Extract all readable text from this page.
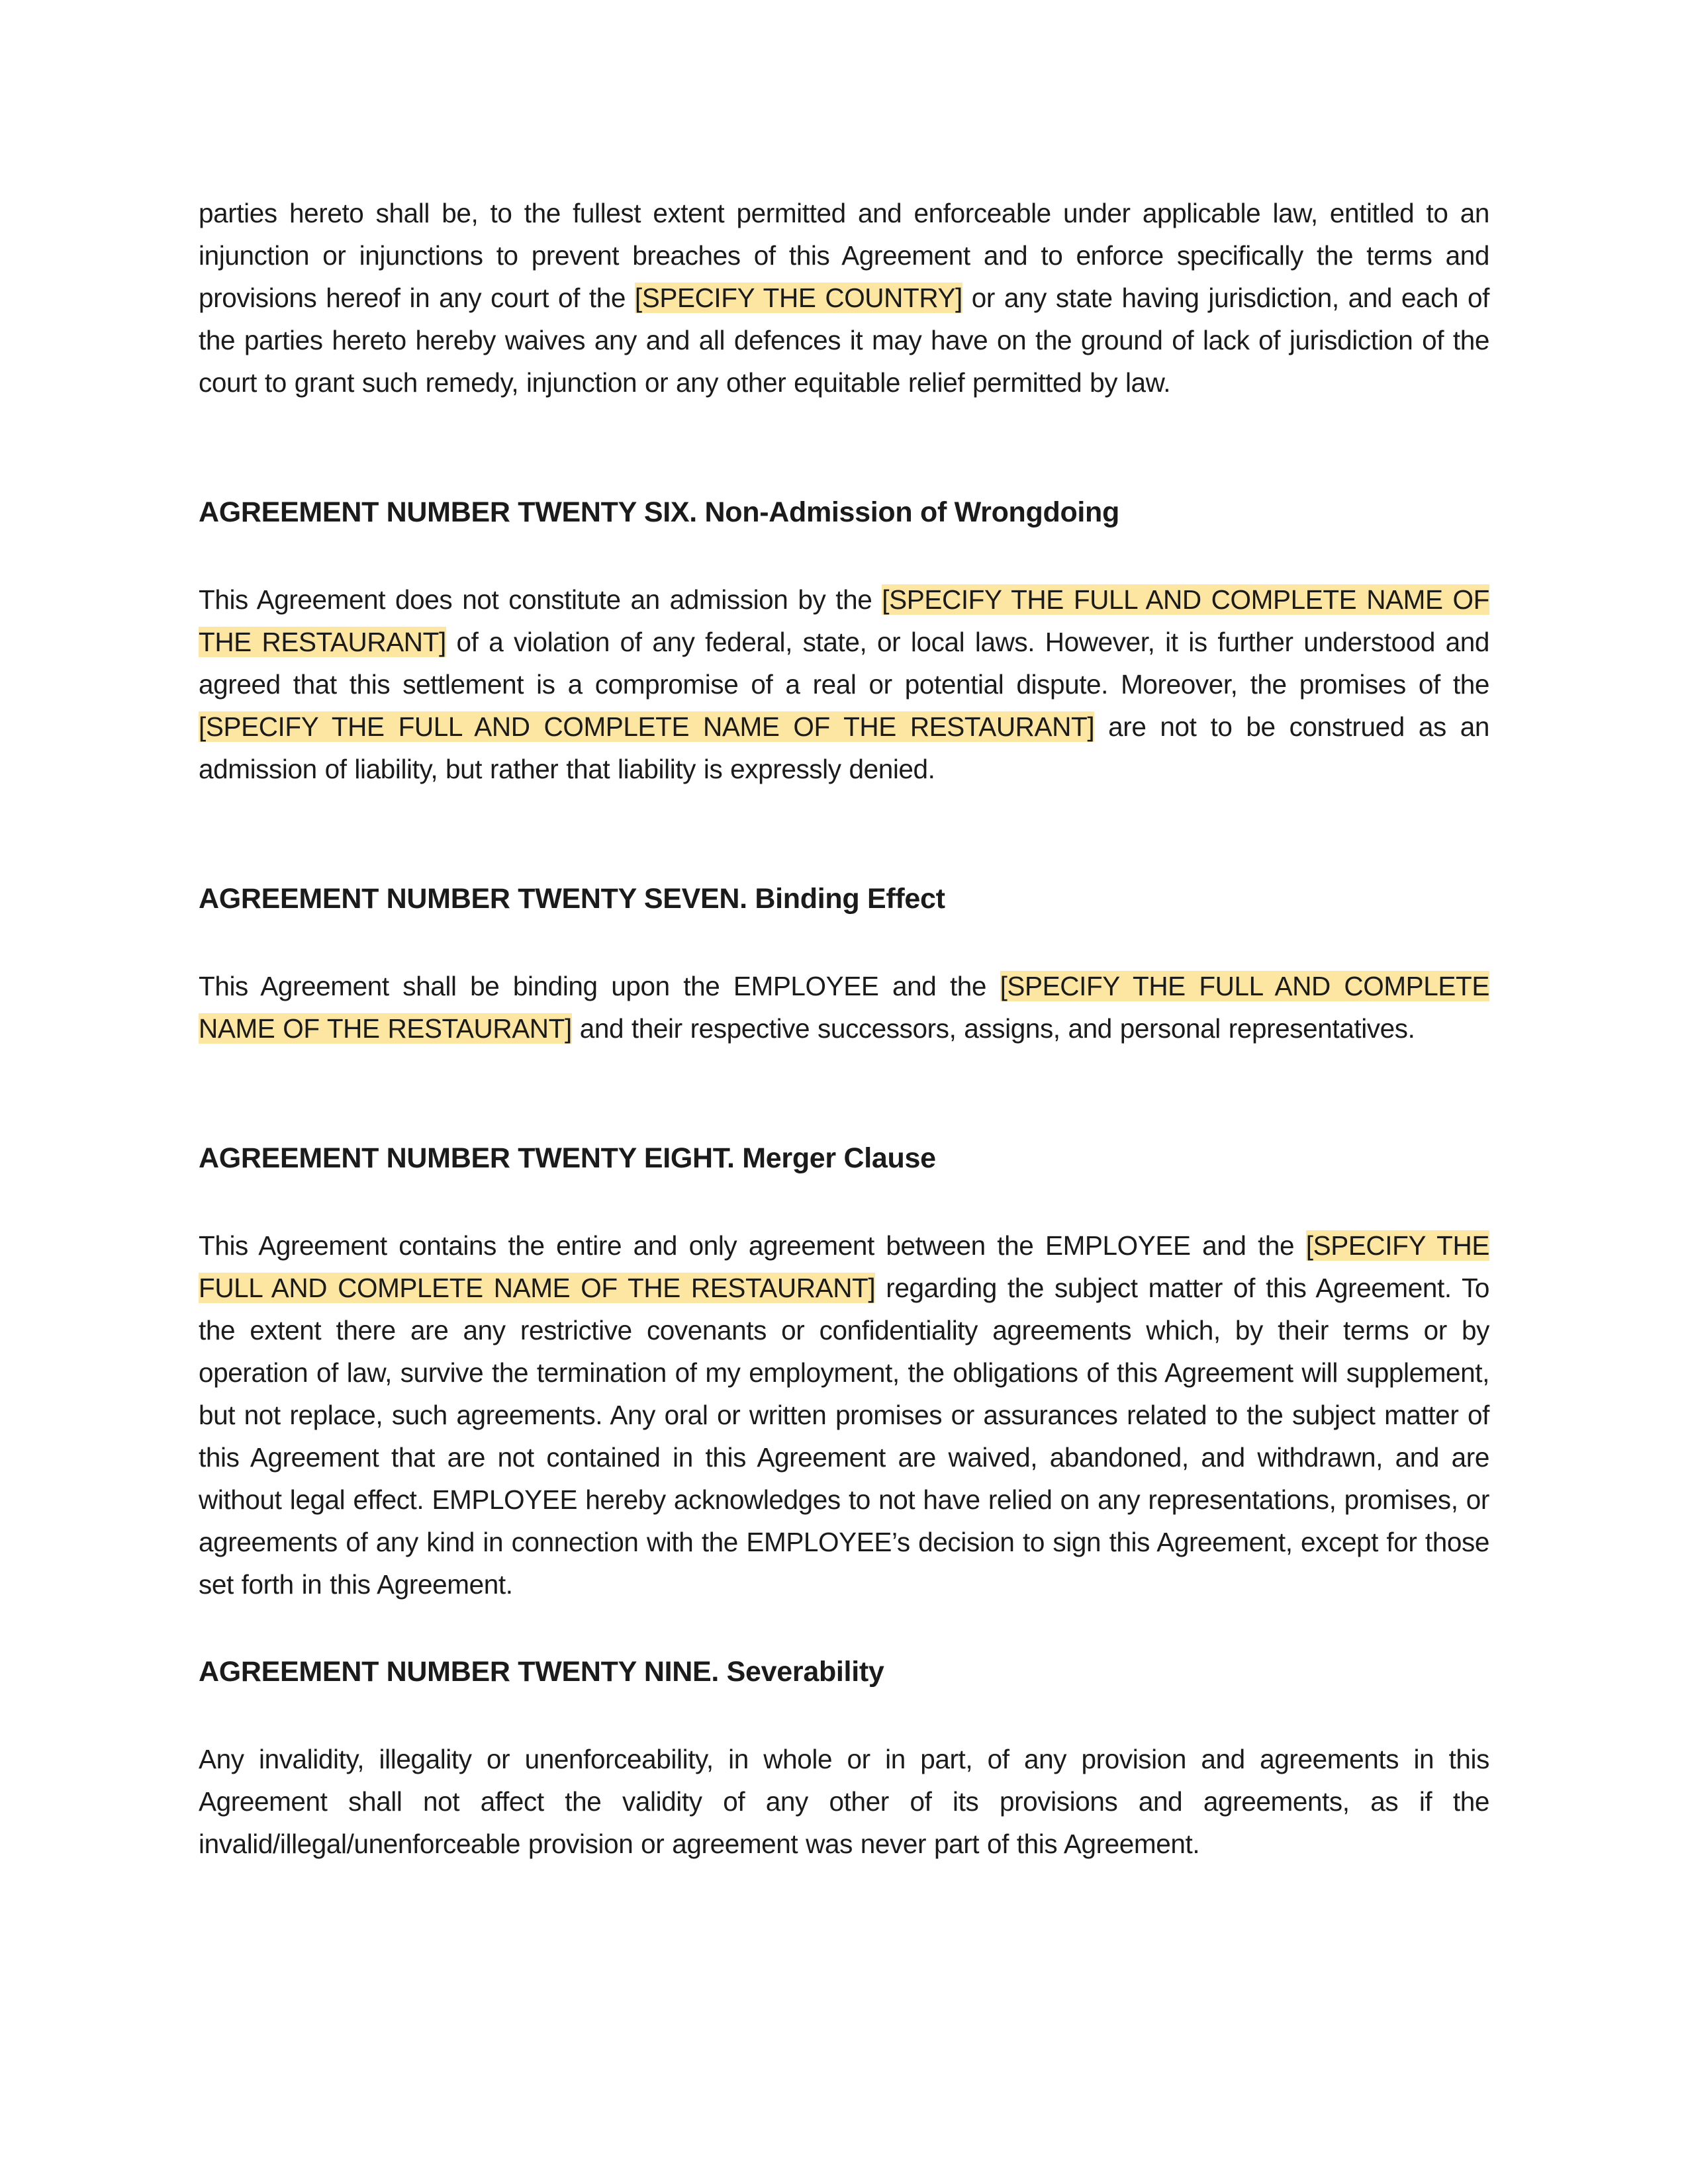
parties hereto shall be, to the fullest extent permitted and enforceable under applicable law, entitled to an injunction or injunctions to prevent breaches of this Agreement and to enforce specifically the terms and provisions hereof in any court of the [SPECIFY THE COUNTRY] or any state having jurisdiction, and each of the parties hereto hereby waives any and all defences it may have on the ground of lack of jurisdiction of the court to grant such remedy, injunction or any other equitable relief permitted by law.

AGREEMENT NUMBER TWENTY SIX. Non-Admission of Wrongdoing

This Agreement does not constitute an admission by the [SPECIFY THE FULL AND COMPLETE NAME OF THE RESTAURANT] of a violation of any federal, state, or local laws. However, it is further understood and agreed that this settlement is a compromise of a real or potential dispute. Moreover, the promises of the [SPECIFY THE FULL AND COMPLETE NAME OF THE RESTAURANT] are not to be construed as an admission of liability, but rather that liability is expressly denied.

AGREEMENT NUMBER TWENTY SEVEN. Binding Effect

This Agreement shall be binding upon the EMPLOYEE and the [SPECIFY THE FULL AND COMPLETE NAME OF THE RESTAURANT] and their respective successors, assigns, and personal representatives.

AGREEMENT NUMBER TWENTY EIGHT. Merger Clause

This Agreement contains the entire and only agreement between the EMPLOYEE and the [SPECIFY THE FULL AND COMPLETE NAME OF THE RESTAURANT] regarding the subject matter of this Agreement. To the extent there are any restrictive covenants or confidentiality agreements which, by their terms or by operation of law, survive the termination of my employment, the obligations of this Agreement will supplement, but not replace, such agreements. Any oral or written promises or assurances related to the subject matter of this Agreement that are not contained in this Agreement are waived, abandoned, and withdrawn, and are without legal effect. EMPLOYEE hereby acknowledges to not have relied on any representations, promises, or agreements of any kind in connection with the EMPLOYEE’s decision to sign this Agreement, except for those set forth in this Agreement.

AGREEMENT NUMBER TWENTY NINE. Severability

Any invalidity, illegality or unenforceability, in whole or in part, of any provision and agreements in this Agreement shall not affect the validity of any other of its provisions and agreements, as if the invalid/illegal/unenforceable provision or agreement was never part of this Agreement.
